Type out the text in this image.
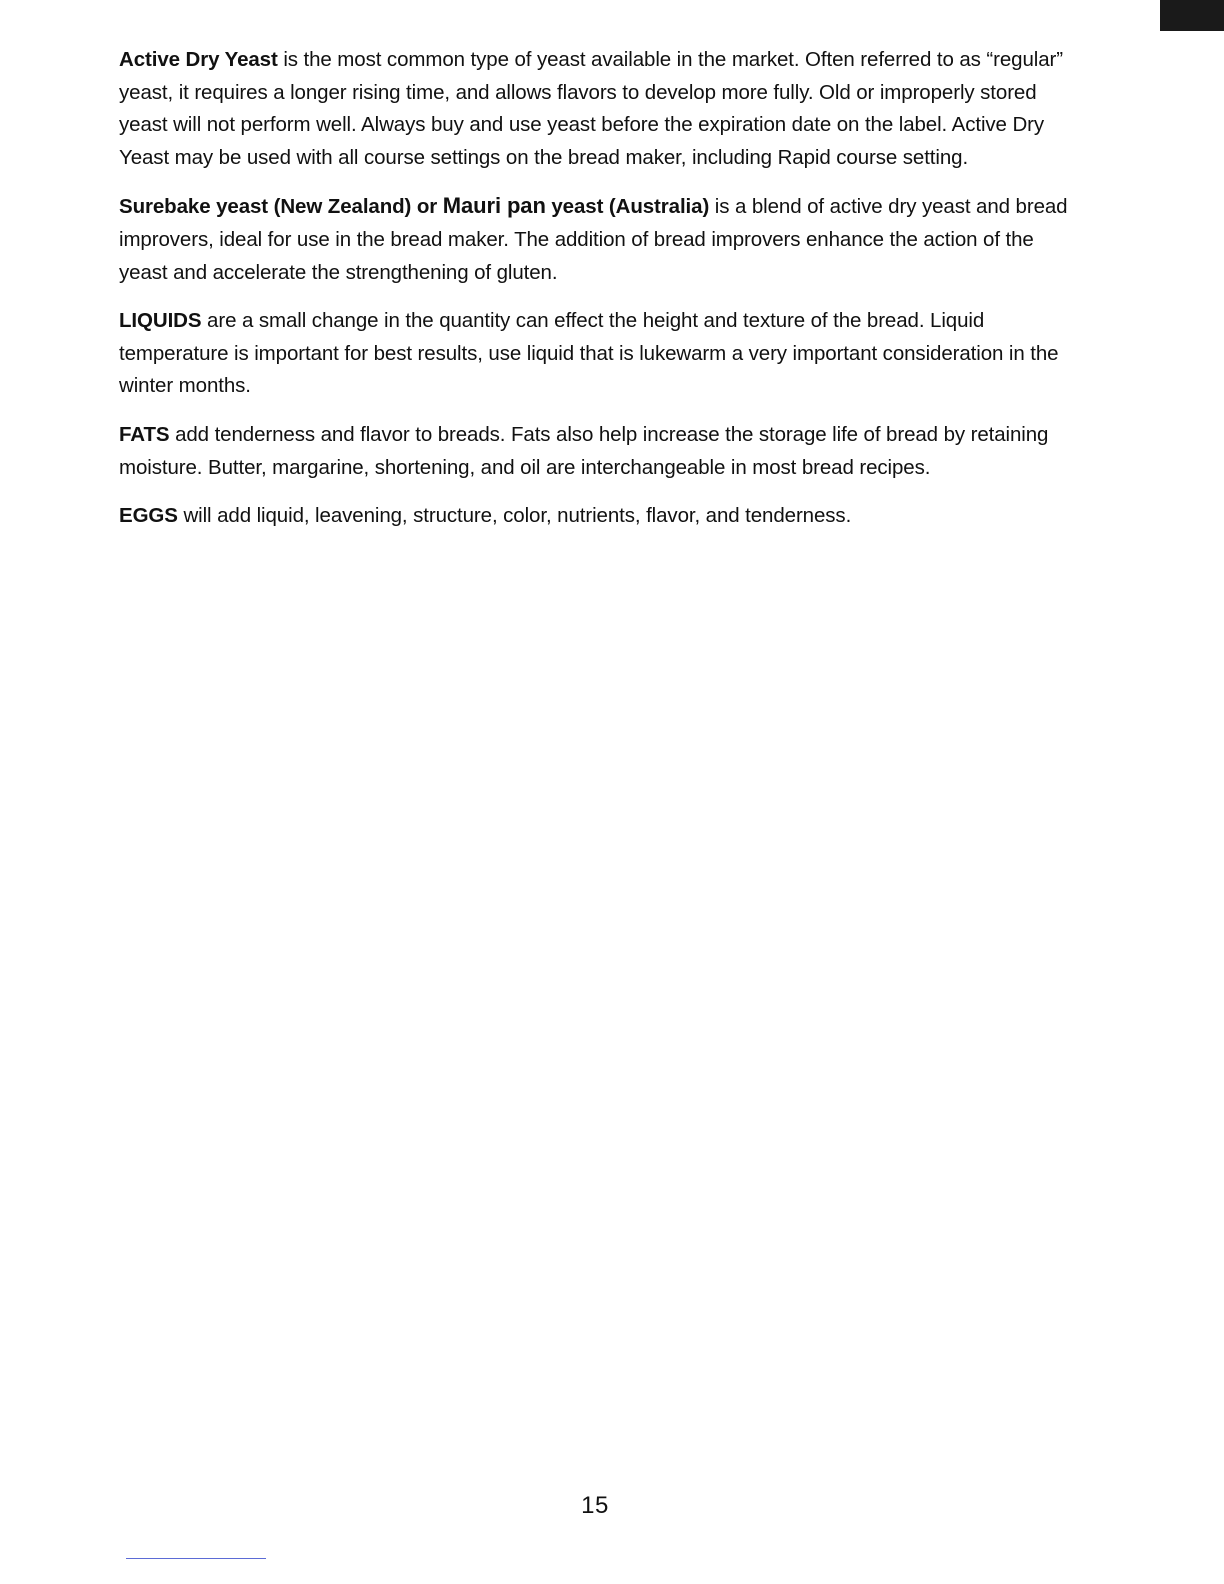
Active Dry Yeast is the most common type of yeast available in the market. Often referred to as “regular” yeast, it requires a longer rising time, and allows flavors to develop more fully. Old or improperly stored yeast will not perform well. Always buy and use yeast before the expiration date on the label. Active Dry Yeast may be used with all course settings on the bread maker, including Rapid course setting.

Surebake yeast (New Zealand) or Mauri pan yeast (Australia) is a blend of active dry yeast and bread improvers, ideal for use in the bread maker. The addition of bread improvers enhance the action of the yeast and accelerate the strengthening of gluten.

LIQUIDS are a small change in the quantity can effect the height and texture of the bread. Liquid temperature is important for best results, use liquid that is lukewarm a very important consideration in the winter months.

FATS add tenderness and flavor to breads. Fats also help increase the storage life of bread by retaining moisture. Butter, margarine, shortening, and oil are interchangeable in most bread recipes.

EGGS will add liquid, leavening, structure, color, nutrients, flavor, and tenderness.

15
